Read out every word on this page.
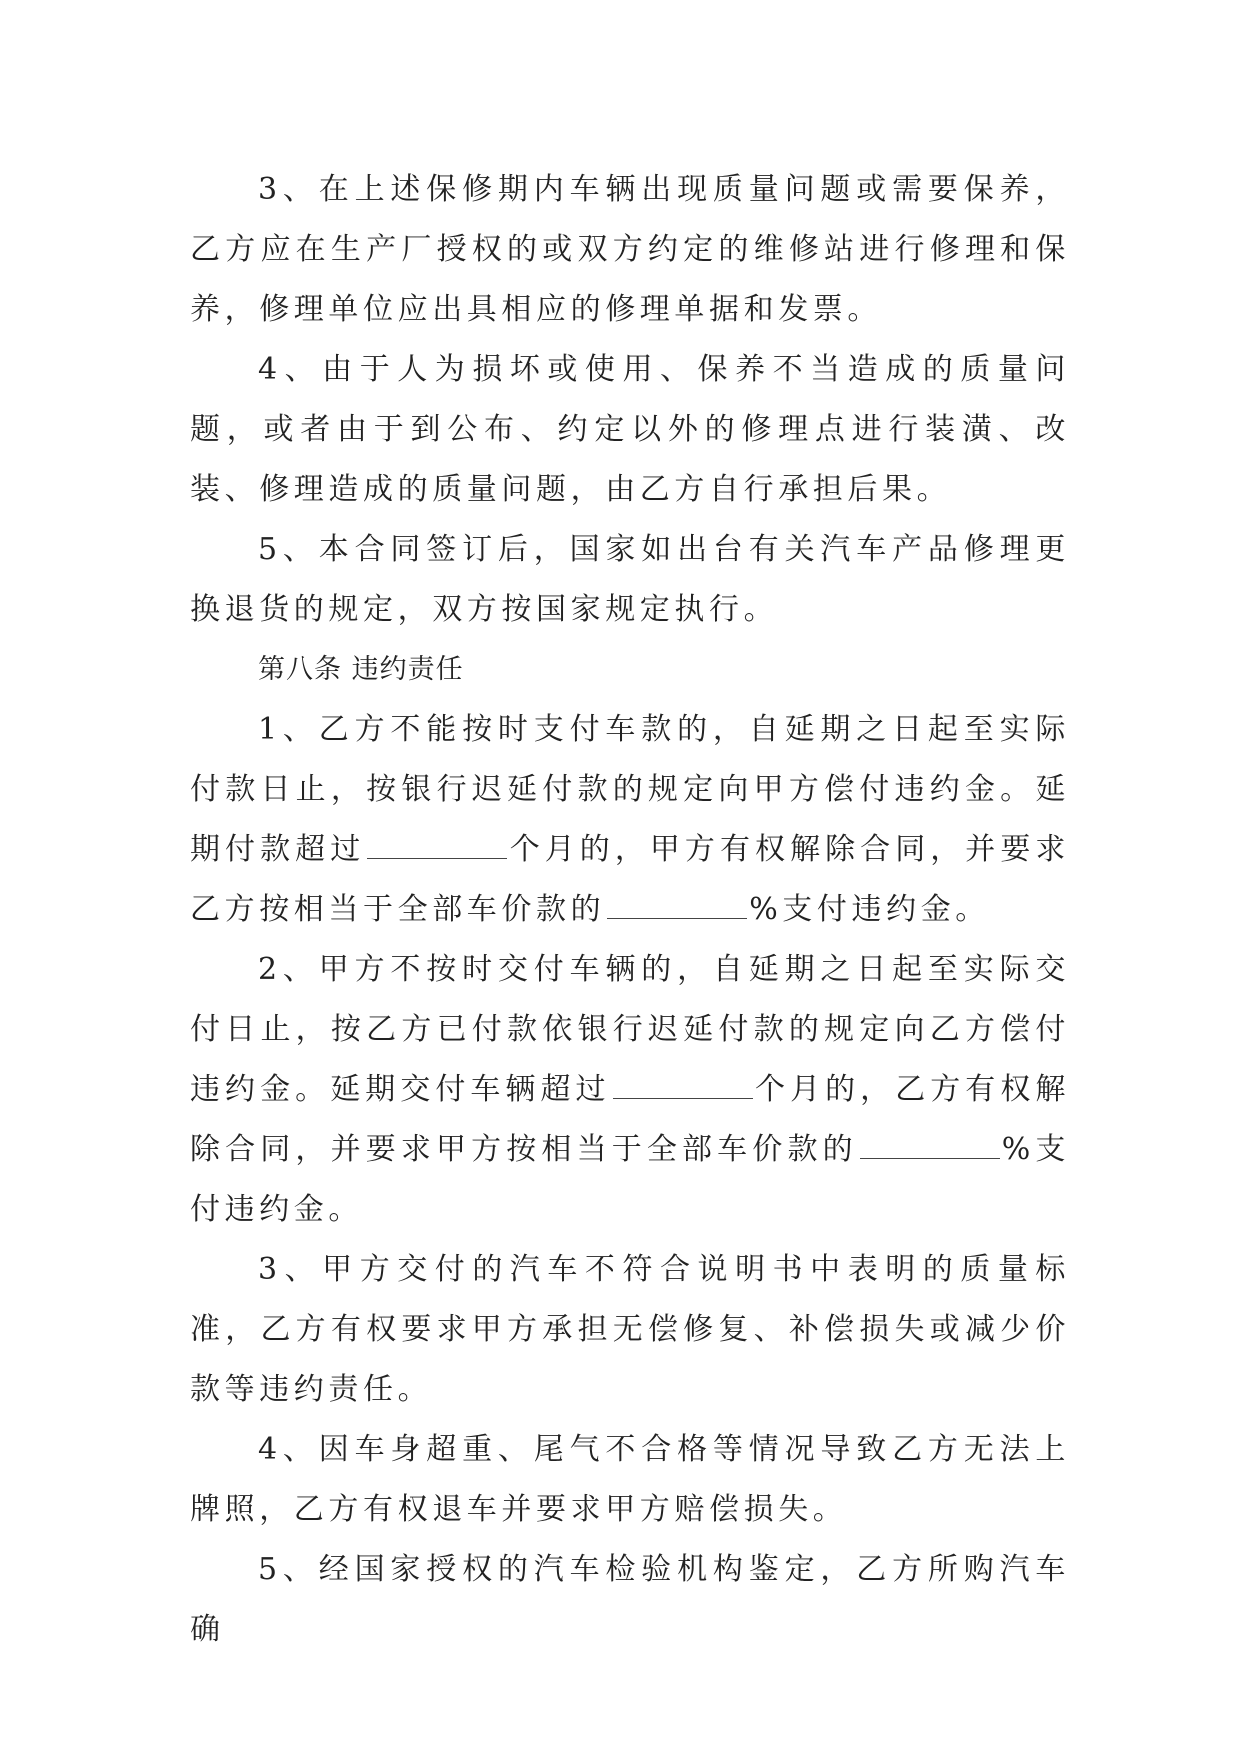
3、在上述保修期内车辆出现质量问题或需要保养，乙方应在生产厂授权的或双方约定的维修站进行修理和保养，修理单位应出具相应的修理单据和发票。

4、由于人为损坏或使用、保养不当造成的质量问题，或者由于到公布、约定以外的修理点进行装潢、改装、修理造成的质量问题，由乙方自行承担后果。

5、本合同签订后，国家如出台有关汽车产品修理更换退货的规定，双方按国家规定执行。

第八条 违约责任

1、乙方不能按时支付车款的，自延期之日起至实际付款日止，按银行迟延付款的规定向甲方偿付违约金。延期付款超过	个月的，甲方有权解除合同，并要求乙方按相当于全部车价款的	%支付违约金。

2、甲方不按时交付车辆的，自延期之日起至实际交付日止，按乙方已付款依银行迟延付款的规定向乙方偿付违约金。延期交付车辆超过	个月的，乙方有权解除合同，并要求甲方按相当于全部车价款的	%支付违约金。

3、甲方交付的汽车不符合说明书中表明的质量标准，乙方有权要求甲方承担无偿修复、补偿损失或减少价款等违约责任。

4、因车身超重、尾气不合格等情况导致乙方无法上牌照，乙方有权退车并要求甲方赔偿损失。

5、经国家授权的汽车检验机构鉴定，乙方所购汽车确
